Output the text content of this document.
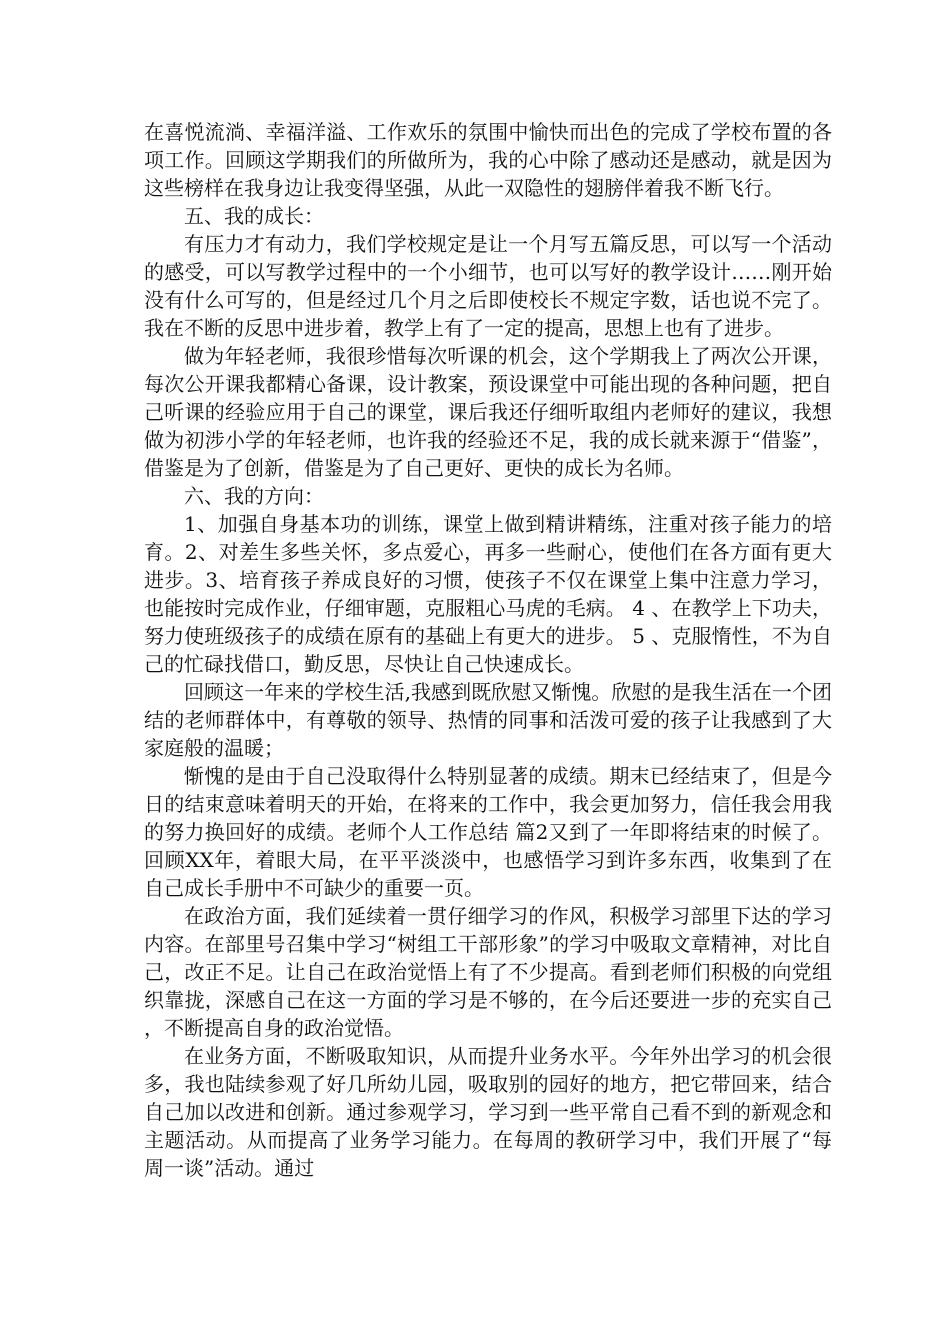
在喜悦流淌、幸福洋溢、工作欢乐的氛围中愉快而出色的完成了学校布置的各项工作。回顾这学期我们的所做所为，我的心中除了感动还是感动，就是因为这些榜样在我身边让我变得坚强，从此一双隐性的翅膀伴着我不断飞行。

五、我的成长：

有压力才有动力，我们学校规定是让一个月写五篇反思，可以写一个活动的感受，可以写教学过程中的一个小细节，也可以写好的教学设计……刚开始没有什么可写的，但是经过几个月之后即使校长不规定字数，话也说不完了。我在不断的反思中进步着，教学上有了一定的提高，思想上也有了进步。

做为年轻老师，我很珍惜每次听课的机会，这个学期我上了两次公开课，每次公开课我都精心备课，设计教案，预设课堂中可能出现的各种问题，把自己听课的经验应用于自己的课堂，课后我还仔细听取组内老师好的建议，我想做为初涉小学的年轻老师，也许我的经验还不足，我的成长就来源于“借鉴”，借鉴是为了创新，借鉴是为了自己更好、更快的成长为名师。

六、我的方向：

1、加强自身基本功的训练，课堂上做到精讲精练，注重对孩子能力的培育。2、对差生多些关怀，多点爱心，再多一些耐心，使他们在各方面有更大进步。3、培育孩子养成良好的习惯，使孩子不仅在课堂上集中注意力学习，也能按时完成作业，仔细审题，克服粗心马虎的毛病。 4 、在教学上下功夫，努力使班级孩子的成绩在原有的基础上有更大的进步。 5 、克服惰性，不为自己的忙碌找借口，勤反思，尽快让自己快速成长。

回顾这一年来的学校生活,我感到既欣慰又惭愧。欣慰的是我生活在一个团结的老师群体中，有尊敬的领导、热情的同事和活泼可爱的孩子让我感到了大家庭般的温暖；

惭愧的是由于自己没取得什么特别显著的成绩。期末已经结束了，但是今日的结束意味着明天的开始，在将来的工作中，我会更加努力，信任我会用我的努力换回好的成绩。老师个人工作总结 篇2又到了一年即将结束的时候了。回顾XX年，着眼大局，在平平淡淡中，也感悟学习到许多东西，收集到了在自己成长手册中不可缺少的重要一页。

在政治方面，我们延续着一贯仔细学习的作风，积极学习部里下达的学习内容。在部里号召集中学习“树组工干部形象”的学习中吸取文章精神，对比自己，改正不足。让自己在政治觉悟上有了不少提高。看到老师们积极的向党组织靠拢，深感自己在这一方面的学习是不够的，在今后还要进一步的充实自己，不断提高自身的政治觉悟。

在业务方面，不断吸取知识，从而提升业务水平。今年外出学习的机会很多，我也陆续参观了好几所幼儿园，吸取别的园好的地方，把它带回来，结合自己加以改进和创新。通过参观学习，学习到一些平常自己看不到的新观念和主题活动。从而提高了业务学习能力。在每周的教研学习中，我们开展了“每周一谈”活动。通过
